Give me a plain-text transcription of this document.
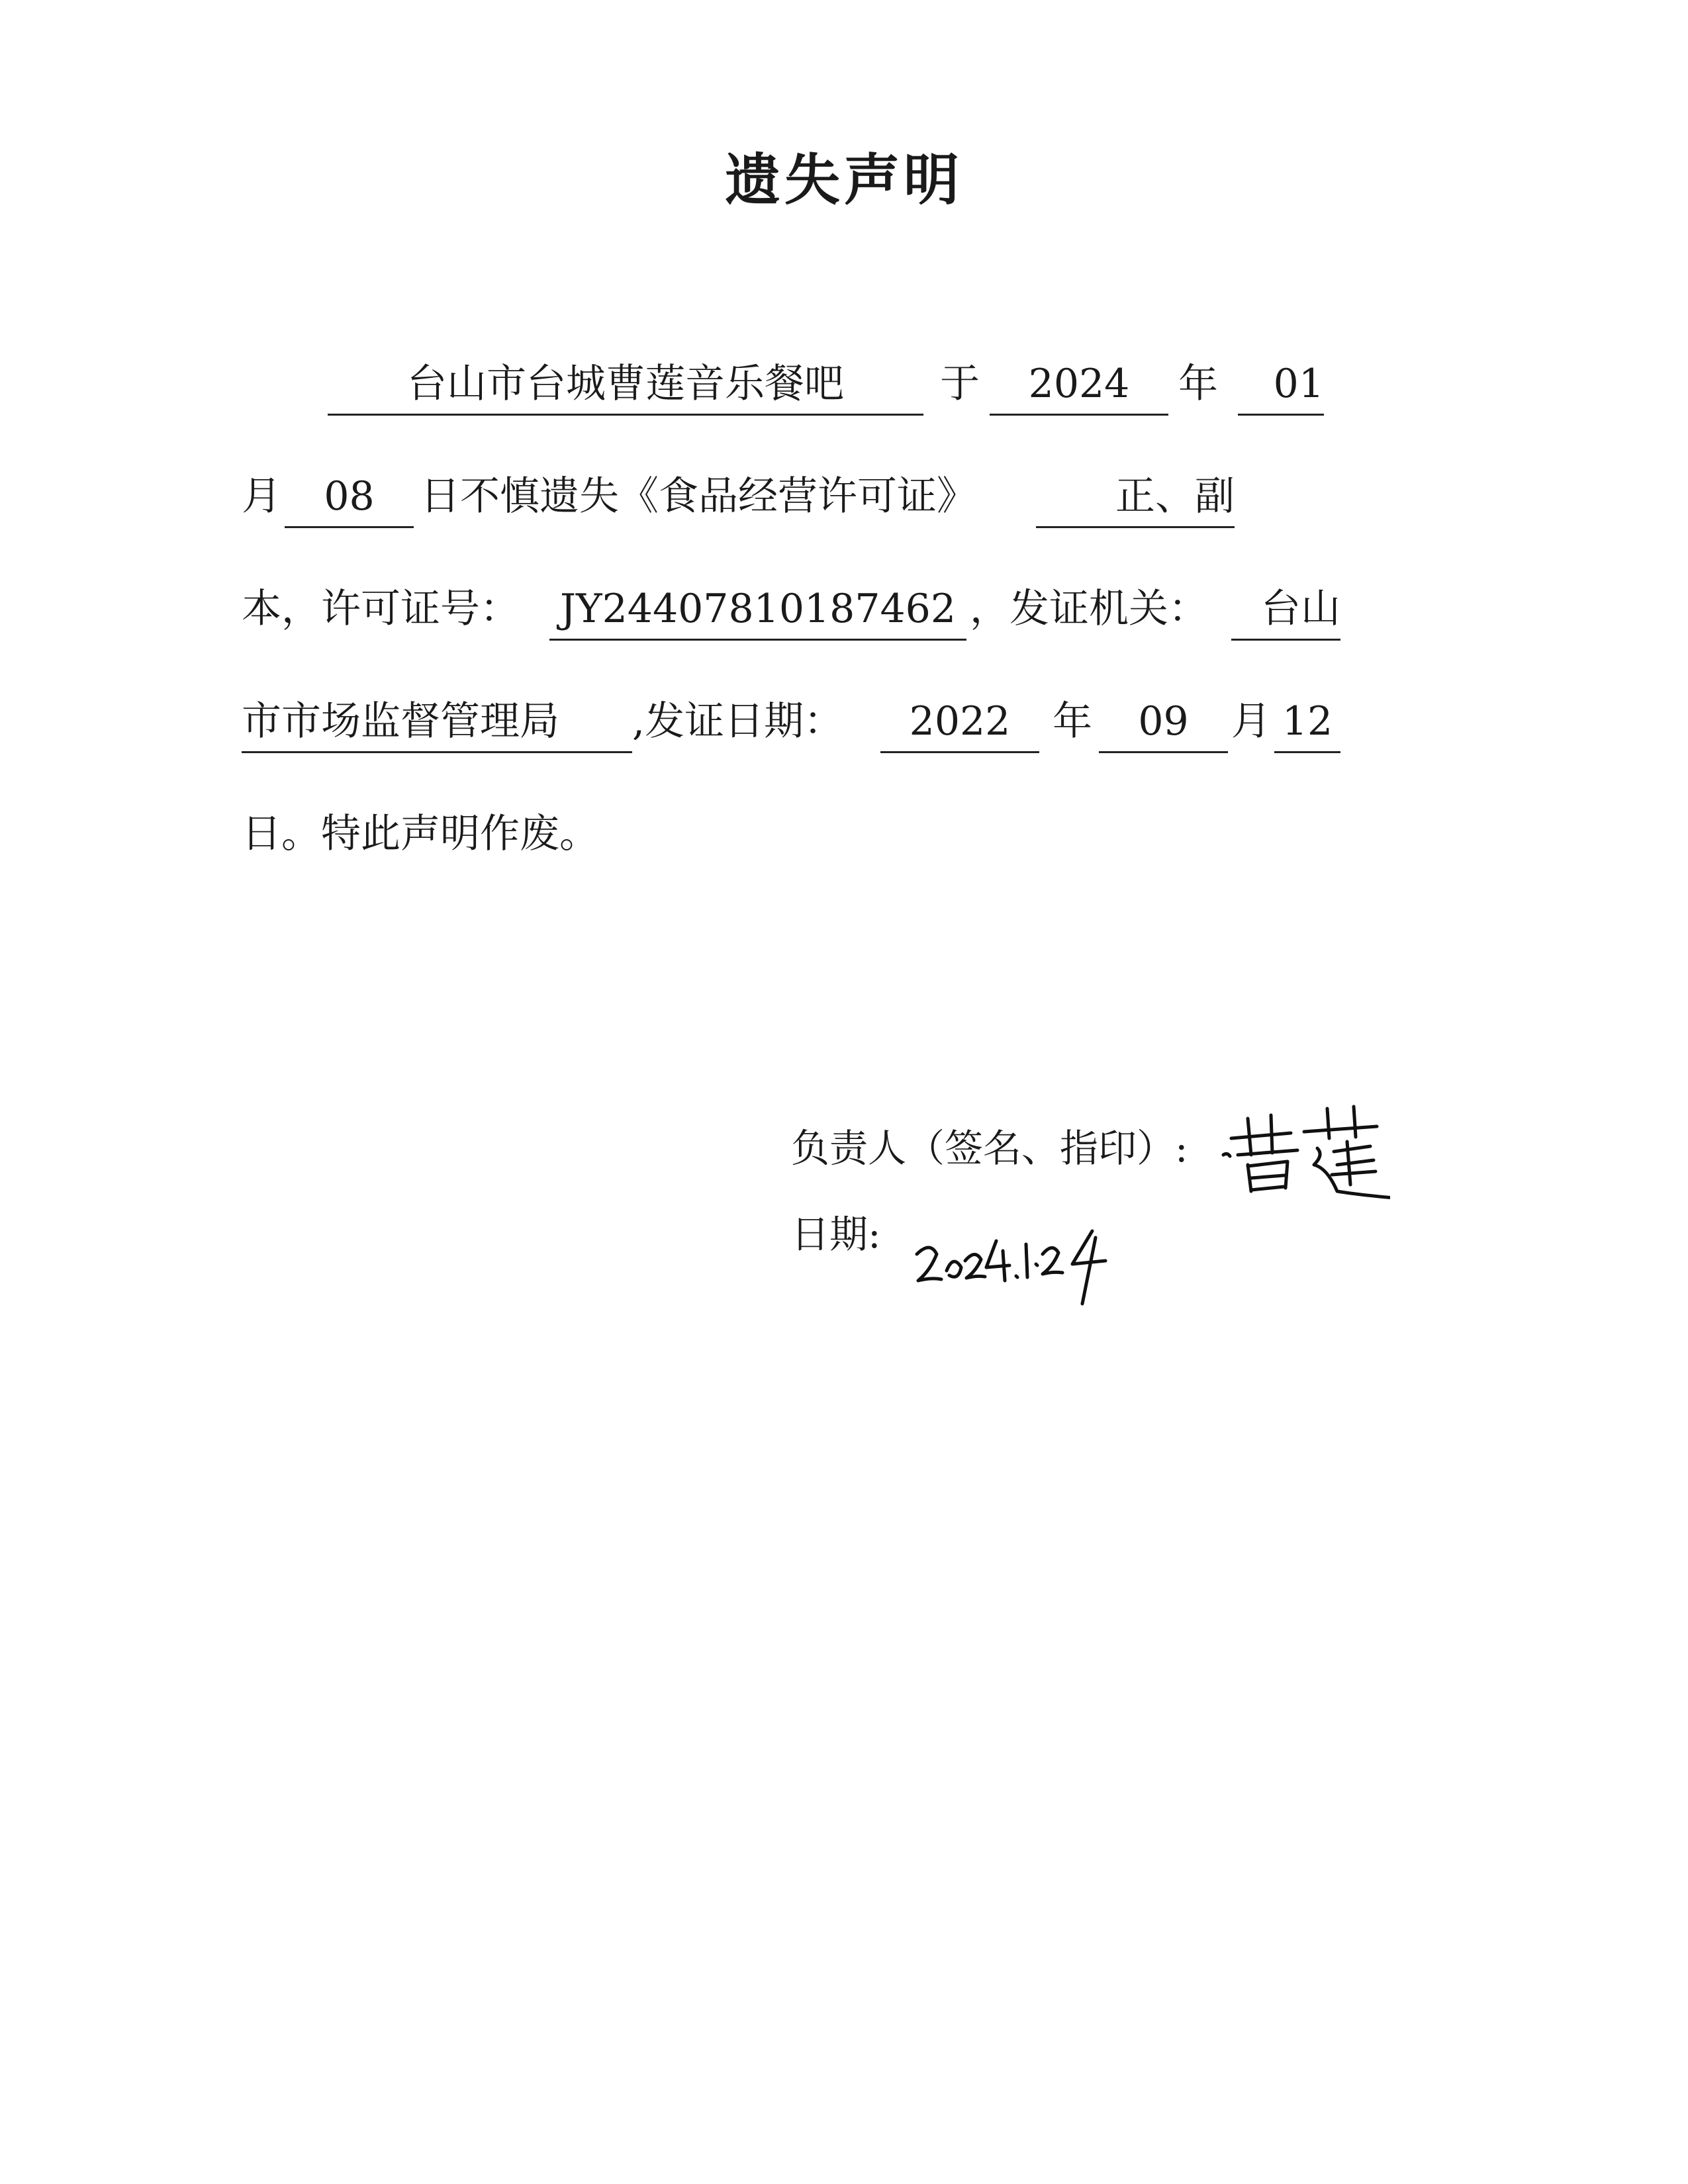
遗失声明
台山市台城曹莲音乐餐吧	于	2024	年	01
月	08	日不慎遗失《食品经营许可证》	正、副
本，许可证号： JY24407810187462 ，发证机关：	台山
市市场监督管理局	,发证日期：	2022	年	09	月 12
日。特此声明作废。
负责人（签名、指印）:
日期:
